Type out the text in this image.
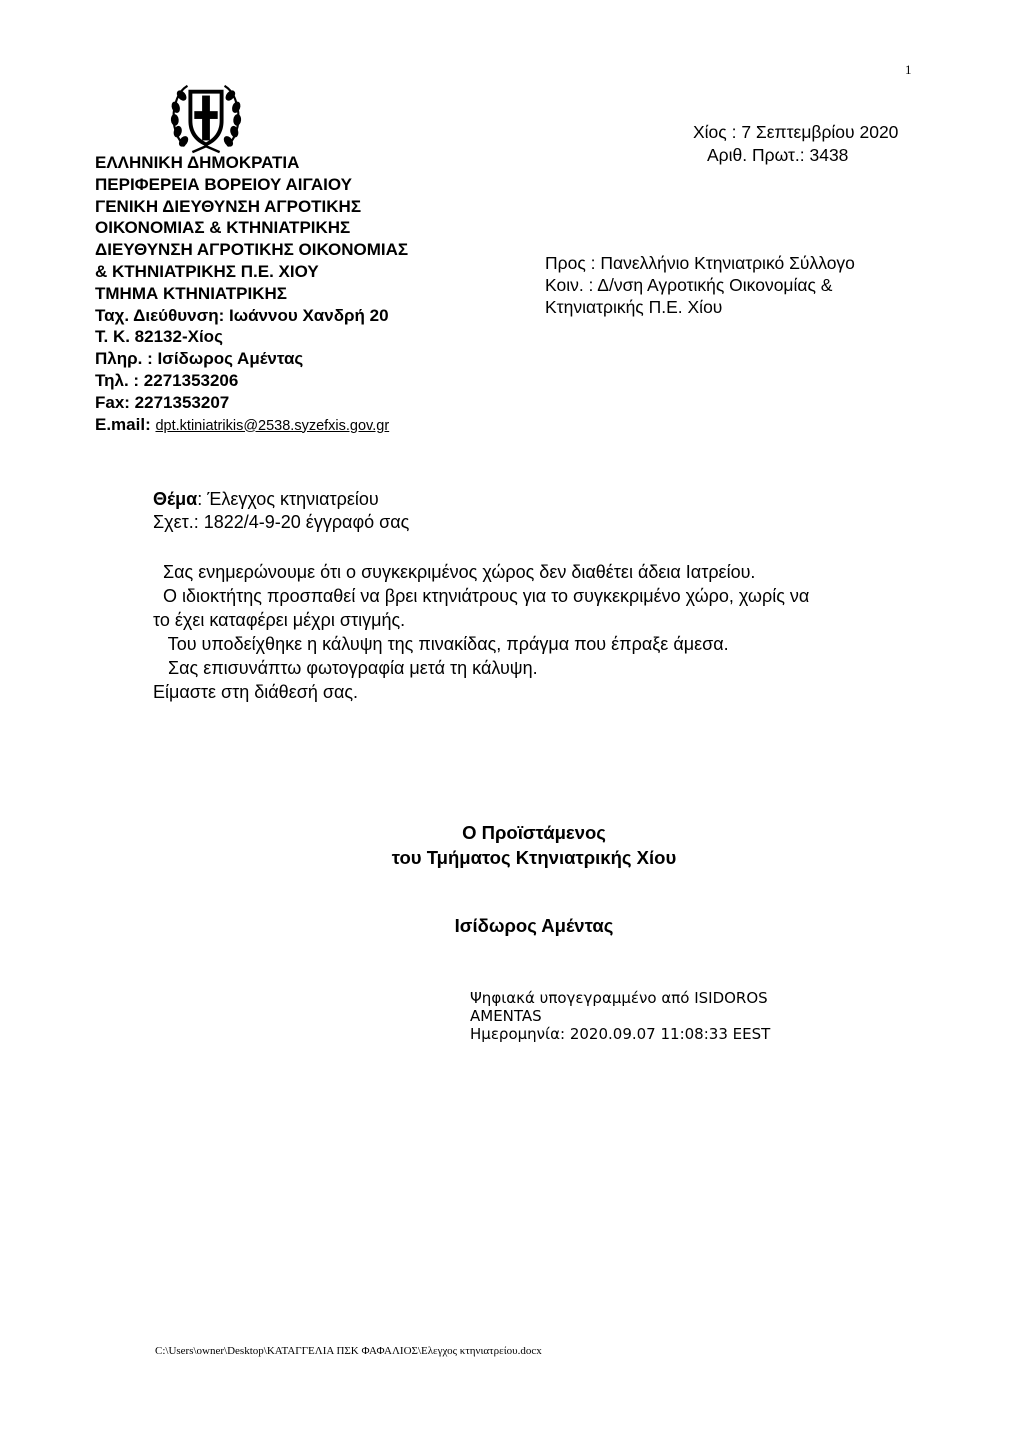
1
ΕΛΛΗΝΙΚΗ ΔΗΜΟΚΡΑΤΙΑ
ΠΕΡΙΦΕΡΕΙΑ ΒΟΡΕΙΟΥ ΑΙΓΑΙΟΥ
ΓΕΝΙΚΗ ΔΙΕΥΘΥΝΣΗ ΑΓΡΟΤΙΚΗΣ
ΟΙΚΟΝΟΜΙΑΣ & ΚΤΗΝΙΑΤΡΙΚΗΣ
ΔΙΕΥΘΥΝΣΗ ΑΓΡΟΤΙΚΗΣ ΟΙΚΟΝΟΜΙΑΣ
& ΚΤΗΝΙΑΤΡΙΚΗΣ Π.Ε. ΧΙΟΥ
ΤΜΗΜΑ ΚΤΗΝΙΑΤΡΙΚΗΣ
Ταχ. Διεύθυνση: Ιωάννου Χανδρή 20
Τ. Κ. 82132-Χίος
Πληρ. : Ισίδωρος Αμέντας
Τηλ. : 2271353206
Fax: 2271353207
E.mail: dpt.ktiniatrikis@2538.syzefxis.gov.gr
Χίος : 7 Σεπτεμβρίου 2020
Αριθ. Πρωτ.: 3438
Προς : Πανελλήνιο Κτηνιατρικό Σύλλογο
Κοιν. : Δ/νση Αγροτικής Οικονομίας &
Κτηνιατρικής Π.Ε. Χίου
Θέμα: Έλεγχος κτηνιατρείου
Σχετ.: 1822/4-9-20 έγγραφό σας
Σας ενημερώνουμε ότι ο συγκεκριμένος χώρος δεν διαθέτει άδεια Ιατρείου.
Ο ιδιοκτήτης προσπαθεί να βρει κτηνιάτρους για το συγκεκριμένο χώρο, χωρίς να
το έχει καταφέρει μέχρι στιγμής.
Του υποδείχθηκε η κάλυψη της πινακίδας, πράγμα που έπραξε άμεσα.
Σας επισυνάπτω φωτογραφία μετά τη κάλυψη.
Είμαστε στη διάθεσή σας.
Ο Προϊστάμενος
του Τμήματος Κτηνιατρικής Χίου
Ισίδωρος Αμέντας
Ψηφιακά υπογεγραμμένο από ISIDOROS
AMENTAS
Ημερομηνία: 2020.09.07 11:08:33 EEST
C:\Users\owner\Desktop\ΚΑΤΑΓΓΕΛΙΑ ΠΣΚ ΦΑΦΑΛΙΟΣ\Ελεγχος κτηνιατρείου.docx
